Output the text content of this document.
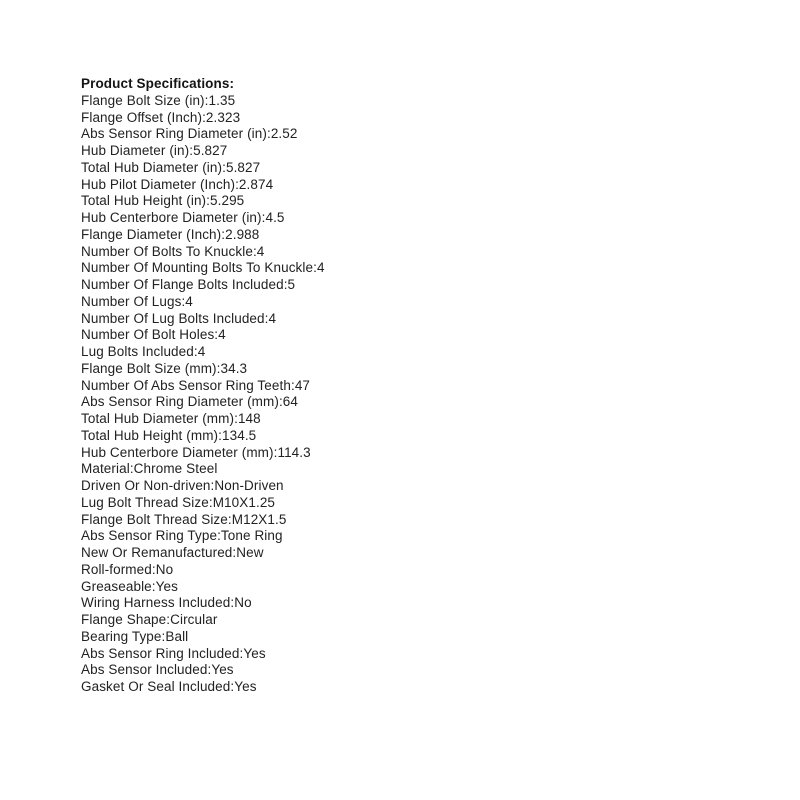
Product Specifications:

Flange Bolt Size (in):1.35
Flange Offset (Inch):2.323
Abs Sensor Ring Diameter (in):2.52
Hub Diameter (in):5.827
Total Hub Diameter (in):5.827
Hub Pilot Diameter (Inch):2.874
Total Hub Height (in):5.295
Hub Centerbore Diameter (in):4.5
Flange Diameter (Inch):2.988
Number Of Bolts To Knuckle:4
Number Of Mounting Bolts To Knuckle:4
Number Of Flange Bolts Included:5
Number Of Lugs:4
Number Of Lug Bolts Included:4
Number Of Bolt Holes:4
Lug Bolts Included:4
Flange Bolt Size (mm):34.3
Number Of Abs Sensor Ring Teeth:47
Abs Sensor Ring Diameter (mm):64
Total Hub Diameter (mm):148
Total Hub Height (mm):134.5
Hub Centerbore Diameter (mm):114.3
Material:Chrome Steel
Driven Or Non-driven:Non-Driven
Lug Bolt Thread Size:M10X1.25
Flange Bolt Thread Size:M12X1.5
Abs Sensor Ring Type:Tone Ring
New Or Remanufactured:New
Roll-formed:No
Greaseable:Yes
Wiring Harness Included:No
Flange Shape:Circular
Bearing Type:Ball
Abs Sensor Ring Included:Yes
Abs Sensor Included:Yes
Gasket Or Seal Included:Yes
